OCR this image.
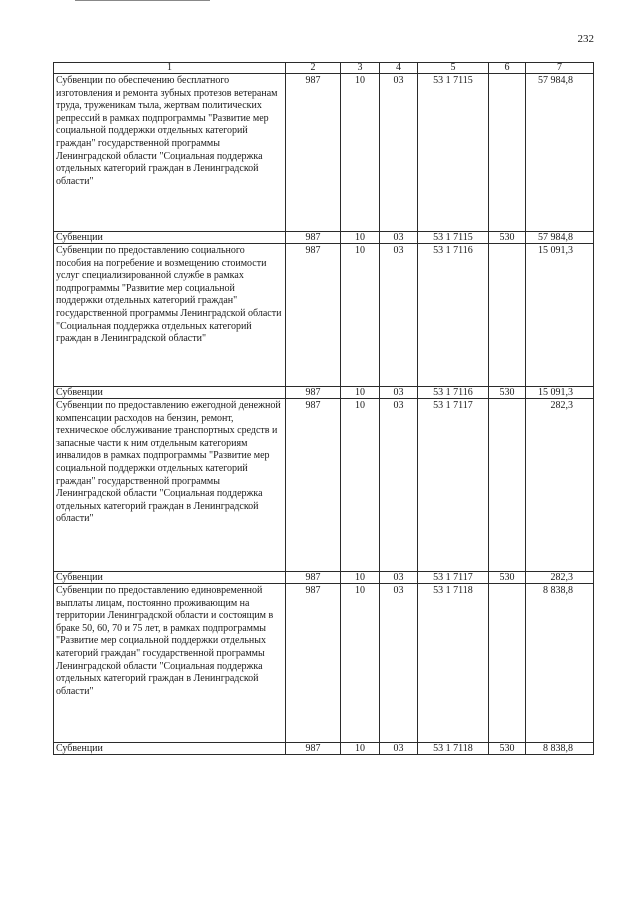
232
1	2	3	4	5	6	7
Субвенции по обеспечению бесплатного изготовления и ремонта зубных протезов ветеранам труда, труженикам тыла, жертвам политических репрессий в рамках подпрограммы "Развитие мер социальной поддержки отдельных категорий граждан" государственной программы Ленинградской области "Социальная поддержка отдельных категорий граждан в Ленинградской области"	987	10	03	53 1 7115		57 984,8
Субвенции	987	10	03	53 1 7115	530	57 984,8
Субвенции по предоставлению социального пособия на погребение и возмещению стоимости услуг специализированной службе в рамках подпрограммы "Развитие мер социальной поддержки отдельных категорий граждан" государственной программы Ленинградской области "Социальная поддержка отдельных категорий граждан в Ленинградской области"	987	10	03	53 1 7116		15 091,3
Субвенции	987	10	03	53 1 7116	530	15 091,3
Субвенции по предоставлению ежегодной денежной компенсации расходов на бензин, ремонт, техническое обслуживание транспортных средств и запасные части к ним отдельным категориям инвалидов в рамках подпрограммы "Развитие мер социальной поддержки отдельных категорий граждан" государственной программы Ленинградской области "Социальная поддержка отдельных категорий граждан в Ленинградской области"	987	10	03	53 1 7117		282,3
Субвенции	987	10	03	53 1 7117	530	282,3
Субвенции по предоставлению единовременной выплаты лицам, постоянно проживающим на территории Ленинградской области и состоящим в браке 50, 60, 70 и 75 лет, в рамках подпрограммы "Развитие мер социальной поддержки отдельных категорий граждан" государственной программы Ленинградской области "Социальная поддержка отдельных категорий граждан в Ленинградской области"	987	10	03	53 1 7118		8 838,8
Субвенции	987	10	03	53 1 7118	530	8 838,8
